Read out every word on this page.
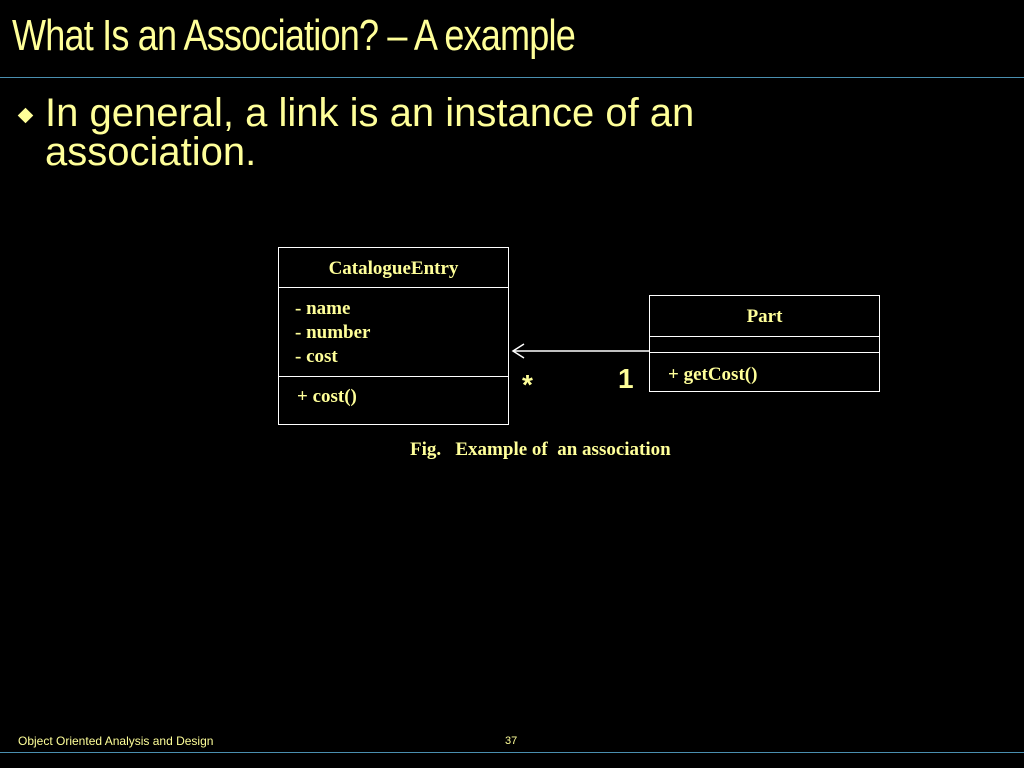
What Is an Association? – A example
In general, a link is an instance of an association.
CatalogueEntry
- name
- number
- cost
+ cost()
Part
+ getCost()
*	1
Fig.   Example of  an association
Object Oriented Analysis and Design	37
